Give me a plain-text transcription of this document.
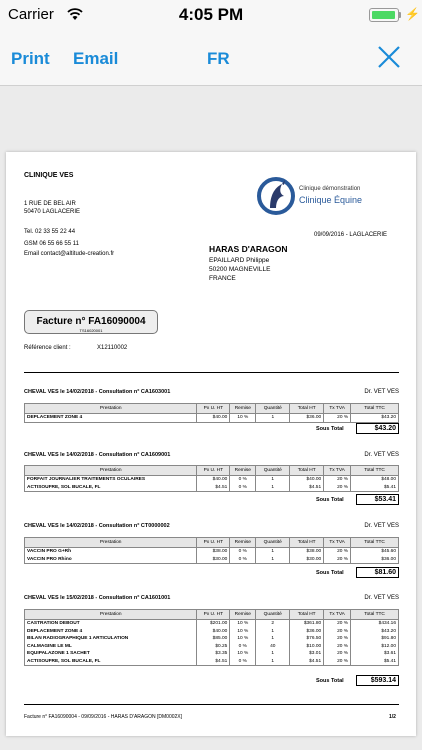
Carrier	4:05 PM	⚡
Print Email	FR
CLINIQUE VES
1 RUE DE BEL AIR
50470 LAGLACERIE
Tel. 02 33 55 22 44
GSM 06 55 66 55 11
Email contact@altitude-creation.fr
Clinique démonstration
Clinique Équine
09/09/2016 - LAGLACERIE
HARAS D'ARAGON
EPAILLARD Philippe
50200 MAGNEVILLE
FRANCE
Facture n° FA16090004
TS16020001
Référence client :	X12110002
CHEVAL VES le 14/02/2018 - Consultation n° CA1603001	Dr. VET VES
Prestation	Px U. HT	Remise	Quantité	Total HT	Tx TVA	Total TTC
DEPLACEMENT ZONE 4	$40.00	10 %	1	$36.00	20 %	$43.20
Sous Total	$43.20
CHEVAL VES le 14/02/2018 - Consultation n° CA1609001	Dr. VET VES
Prestation	Px U. HT	Remise	Quantité	Total HT	Tx TVA	Total TTC
FORFAIT JOURNALIER TRAITEMENTS OCULAIRES	$40.00	0 %	1	$40.00	20 %	$48.00
ACTISOUFRE, SOL BUCALE, FL	$4.51	0 %	1	$4.51	20 %	$5.41
Sous Total	$53.41
CHEVAL VES le 14/02/2018 - Consultation n° CT0000002	Dr. VET VES
Prestation	Px U. HT	Remise	Quantité	Total HT	Tx TVA	Total TTC
VACCIN PRO G+Rh	$38.00	0 %	1	$38.00	20 %	$45.60
VACCIN PRO Rhino	$30.00	0 %	1	$30.00	20 %	$36.00
Sous Total	$81.60
CHEVAL VES le 15/02/2018 - Consultation n° CA1601001	Dr. VET VES
Prestation	Px U. HT	Remise	Quantité	Total HT	Tx TVA	Total TTC
CASTRATION DEBOUT	$201.00	10 %	2	$361.80	20 %	$434.16
DEPLACEMENT ZONE 4	$40.00	10 %	1	$36.00	20 %	$43.20
BILAN RADIOGRAPHIQUE 1 ARTICULATION	$85.00	10 %	1	$76.50	20 %	$91.80
CALMAGINE LE ML	$0.25	0 %	40	$10.00	20 %	$12.00
EQUIPALAZONE 1 SACHET	$3.35	10 %	1	$3.01	20 %	$3.61
ACTISOUFRE, SOL BUCALE, FL	$4.51	0 %	1	$4.51	20 %	$5.41
Sous Total	$593.14
Facture n° FA16090004 - 09/09/2016 - HARAS D'ARAGON [DM0002X]	1/2
